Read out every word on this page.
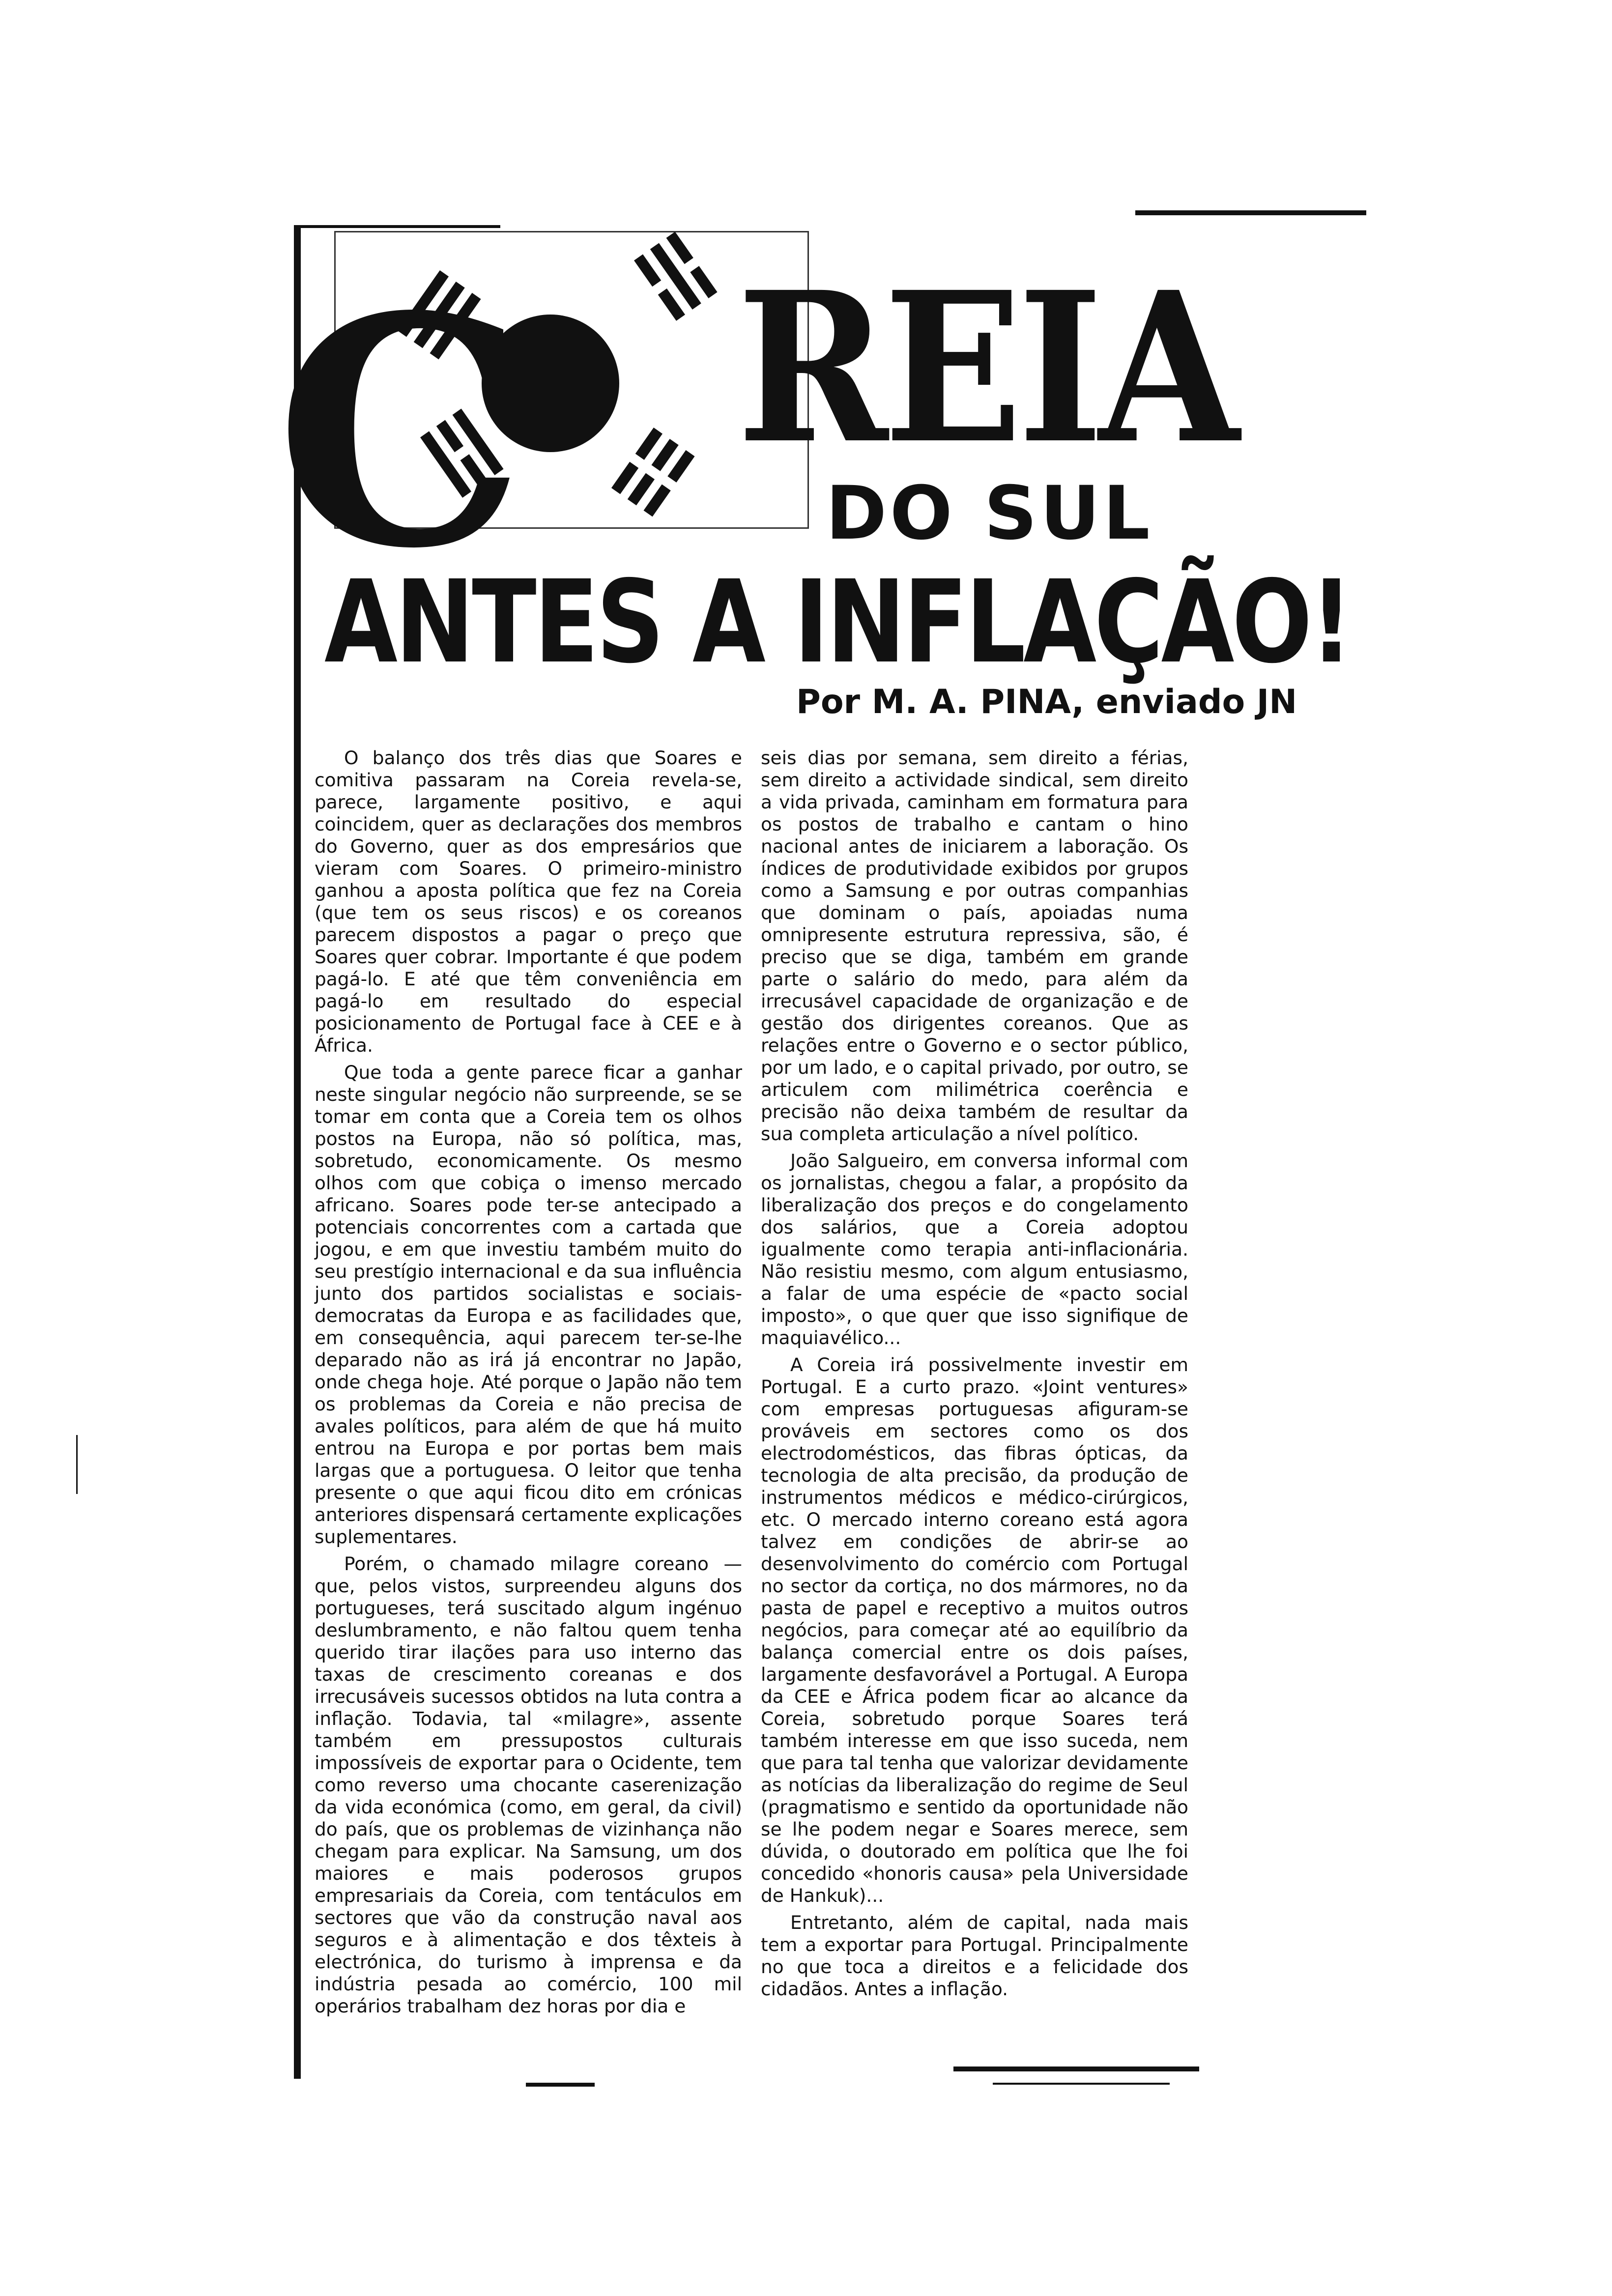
C REIA
DO SUL
ANTES A INFLAÇÃO!
Por M. A. PINA, enviado JN

O balanço dos três dias que Soares e comitiva passaram na Coreia revela-se, parece, largamente positivo, e aqui coincidem, quer as declarações dos membros do Governo, quer as dos empresários que vieram com Soares. O primeiro-ministro ganhou a aposta política que fez na Coreia (que tem os seus riscos) e os coreanos parecem dispostos a pagar o preço que Soares quer cobrar. Importante é que podem pagá-lo. E até que têm conveniência em pagá-lo em resultado do especial posicionamento de Portugal face à CEE e à África.

Que toda a gente parece ficar a ganhar neste singular negócio não surpreende, se se tomar em conta que a Coreia tem os olhos postos na Europa, não só política, mas, sobretudo, economicamente. Os mesmo olhos com que cobiça o imenso mercado africano. Soares pode ter-se antecipado a potenciais concorrentes com a cartada que jogou, e em que investiu também muito do seu prestígio internacional e da sua influência junto dos partidos socialistas e sociais-democratas da Europa e as facilidades que, em consequência, aqui parecem ter-se-lhe deparado não as irá já encontrar no Japão, onde chega hoje. Até porque o Japão não tem os problemas da Coreia e não precisa de avales políticos, para além de que há muito entrou na Europa e por portas bem mais largas que a portuguesa. O leitor que tenha presente o que aqui ficou dito em crónicas anteriores dispensará certamente explicações suplementares.

Porém, o chamado milagre coreano — que, pelos vistos, surpreendeu alguns dos portugueses, terá suscitado algum ingénuo deslumbramento, e não faltou quem tenha querido tirar ilações para uso interno das taxas de crescimento coreanas e dos irrecusáveis sucessos obtidos na luta contra a inflação. Todavia, tal «milagre», assente também em pressupostos culturais impossíveis de exportar para o Ocidente, tem como reverso uma chocante caserenização da vida económica (como, em geral, da civil) do país, que os problemas de vizinhança não chegam para explicar. Na Samsung, um dos maiores e mais poderosos grupos empresariais da Coreia, com tentáculos em sectores que vão da construção naval aos seguros e à alimentação e dos têxteis à electrónica, do turismo à imprensa e da indústria pesada ao comércio, 100 mil operários trabalham dez horas por dia e

seis dias por semana, sem direito a férias, sem direito a actividade sindical, sem direito a vida privada, caminham em formatura para os postos de trabalho e cantam o hino nacional antes de iniciarem a laboração. Os índices de produtividade exibidos por grupos como a Samsung e por outras companhias que dominam o país, apoiadas numa omnipresente estrutura repressiva, são, é preciso que se diga, também em grande parte o salário do medo, para além da irrecusável capacidade de organização e de gestão dos dirigentes coreanos. Que as relações entre o Governo e o sector público, por um lado, e o capital privado, por outro, se articulem com milimétrica coerência e precisão não deixa também de resultar da sua completa articulação a nível político.

João Salgueiro, em conversa informal com os jornalistas, chegou a falar, a propósito da liberalização dos preços e do congelamento dos salários, que a Coreia adoptou igualmente como terapia anti-inflacionária. Não resistiu mesmo, com algum entusiasmo, a falar de uma espécie de «pacto social imposto», o que quer que isso signifique de maquiavélico...

A Coreia irá possivelmente investir em Portugal. E a curto prazo. «Joint ventures» com empresas portuguesas afiguram-se prováveis em sectores como os dos electrodomésticos, das fibras ópticas, da tecnologia de alta precisão, da produção de instrumentos médicos e médico-cirúrgicos, etc. O mercado interno coreano está agora talvez em condições de abrir-se ao desenvolvimento do comércio com Portugal no sector da cortiça, no dos mármores, no da pasta de papel e receptivo a muitos outros negócios, para começar até ao equilíbrio da balança comercial entre os dois países, largamente desfavorável a Portugal. A Europa da CEE e África podem ficar ao alcance da Coreia, sobretudo porque Soares terá também interesse em que isso suceda, nem que para tal tenha que valorizar devidamente as notícias da liberalização do regime de Seul (pragmatismo e sentido da oportunidade não se lhe podem negar e Soares merece, sem dúvida, o doutorado em política que lhe foi concedido «honoris causa» pela Universidade de Hankuk)...

Entretanto, além de capital, nada mais tem a exportar para Portugal. Principalmente no que toca a direitos e a felicidade dos cidadãos. Antes a inflação.
